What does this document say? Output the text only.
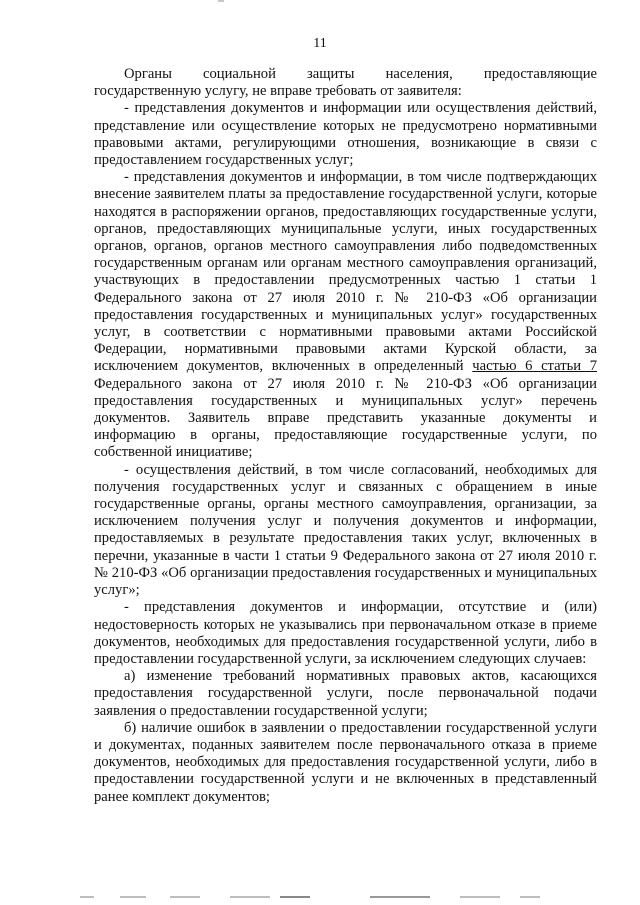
11

Органы социальной защиты населения, предоставляющие государственную услугу, не вправе требовать от заявителя:

- представления документов и информации или осуществления действий, представление или осуществление которых не предусмотрено нормативными правовыми актами, регулирующими отношения, возникающие в связи с предоставлением государственных услуг;

- представления документов и информации, в том числе подтверждающих внесение заявителем платы за предоставление государственной услуги, которые находятся в распоряжении органов, предоставляющих государственные услуги, органов, предоставляющих муниципальные услуги, иных государственных органов, органов, органов местного самоуправления либо подведомственных государственным органам или органам местного самоуправления организаций, участвующих в предоставлении предусмотренных частью 1 статьи 1 Федерального закона от 27 июля 2010 г. № 210-ФЗ «Об организации предоставления государственных и муниципальных услуг» государственных услуг, в соответствии с нормативными правовыми актами Российской Федерации, нормативными правовыми актами Курской области, за исключением документов, включенных в определенный частью 6 статьи 7 Федерального закона от 27 июля 2010 г. № 210-ФЗ «Об организации предоставления государственных и муниципальных услуг» перечень документов. Заявитель вправе представить указанные документы и информацию в органы, предоставляющие государственные услуги, по собственной инициативе;

- осуществления действий, в том числе согласований, необходимых для получения государственных услуг и связанных с обращением в иные государственные органы, органы местного самоуправления, организации, за исключением получения услуг и получения документов и информации, предоставляемых в результате предоставления таких услуг, включенных в перечни, указанные в части 1 статьи 9 Федерального закона от 27 июля 2010 г. № 210-ФЗ «Об организации предоставления государственных и муниципальных услуг»;

- представления документов и информации, отсутствие и (или) недостоверность которых не указывались при первоначальном отказе в приеме документов, необходимых для предоставления государственной услуги, либо в предоставлении государственной услуги, за исключением следующих случаев:

а) изменение требований нормативных правовых актов, касающихся предоставления государственной услуги, после первоначальной подачи заявления о предоставлении государственной услуги;

б) наличие ошибок в заявлении о предоставлении государственной услуги и документах, поданных заявителем после первоначального отказа в приеме документов, необходимых для предоставления государственной услуги, либо в предоставлении государственной услуги и не включенных в представленный ранее комплект документов;
